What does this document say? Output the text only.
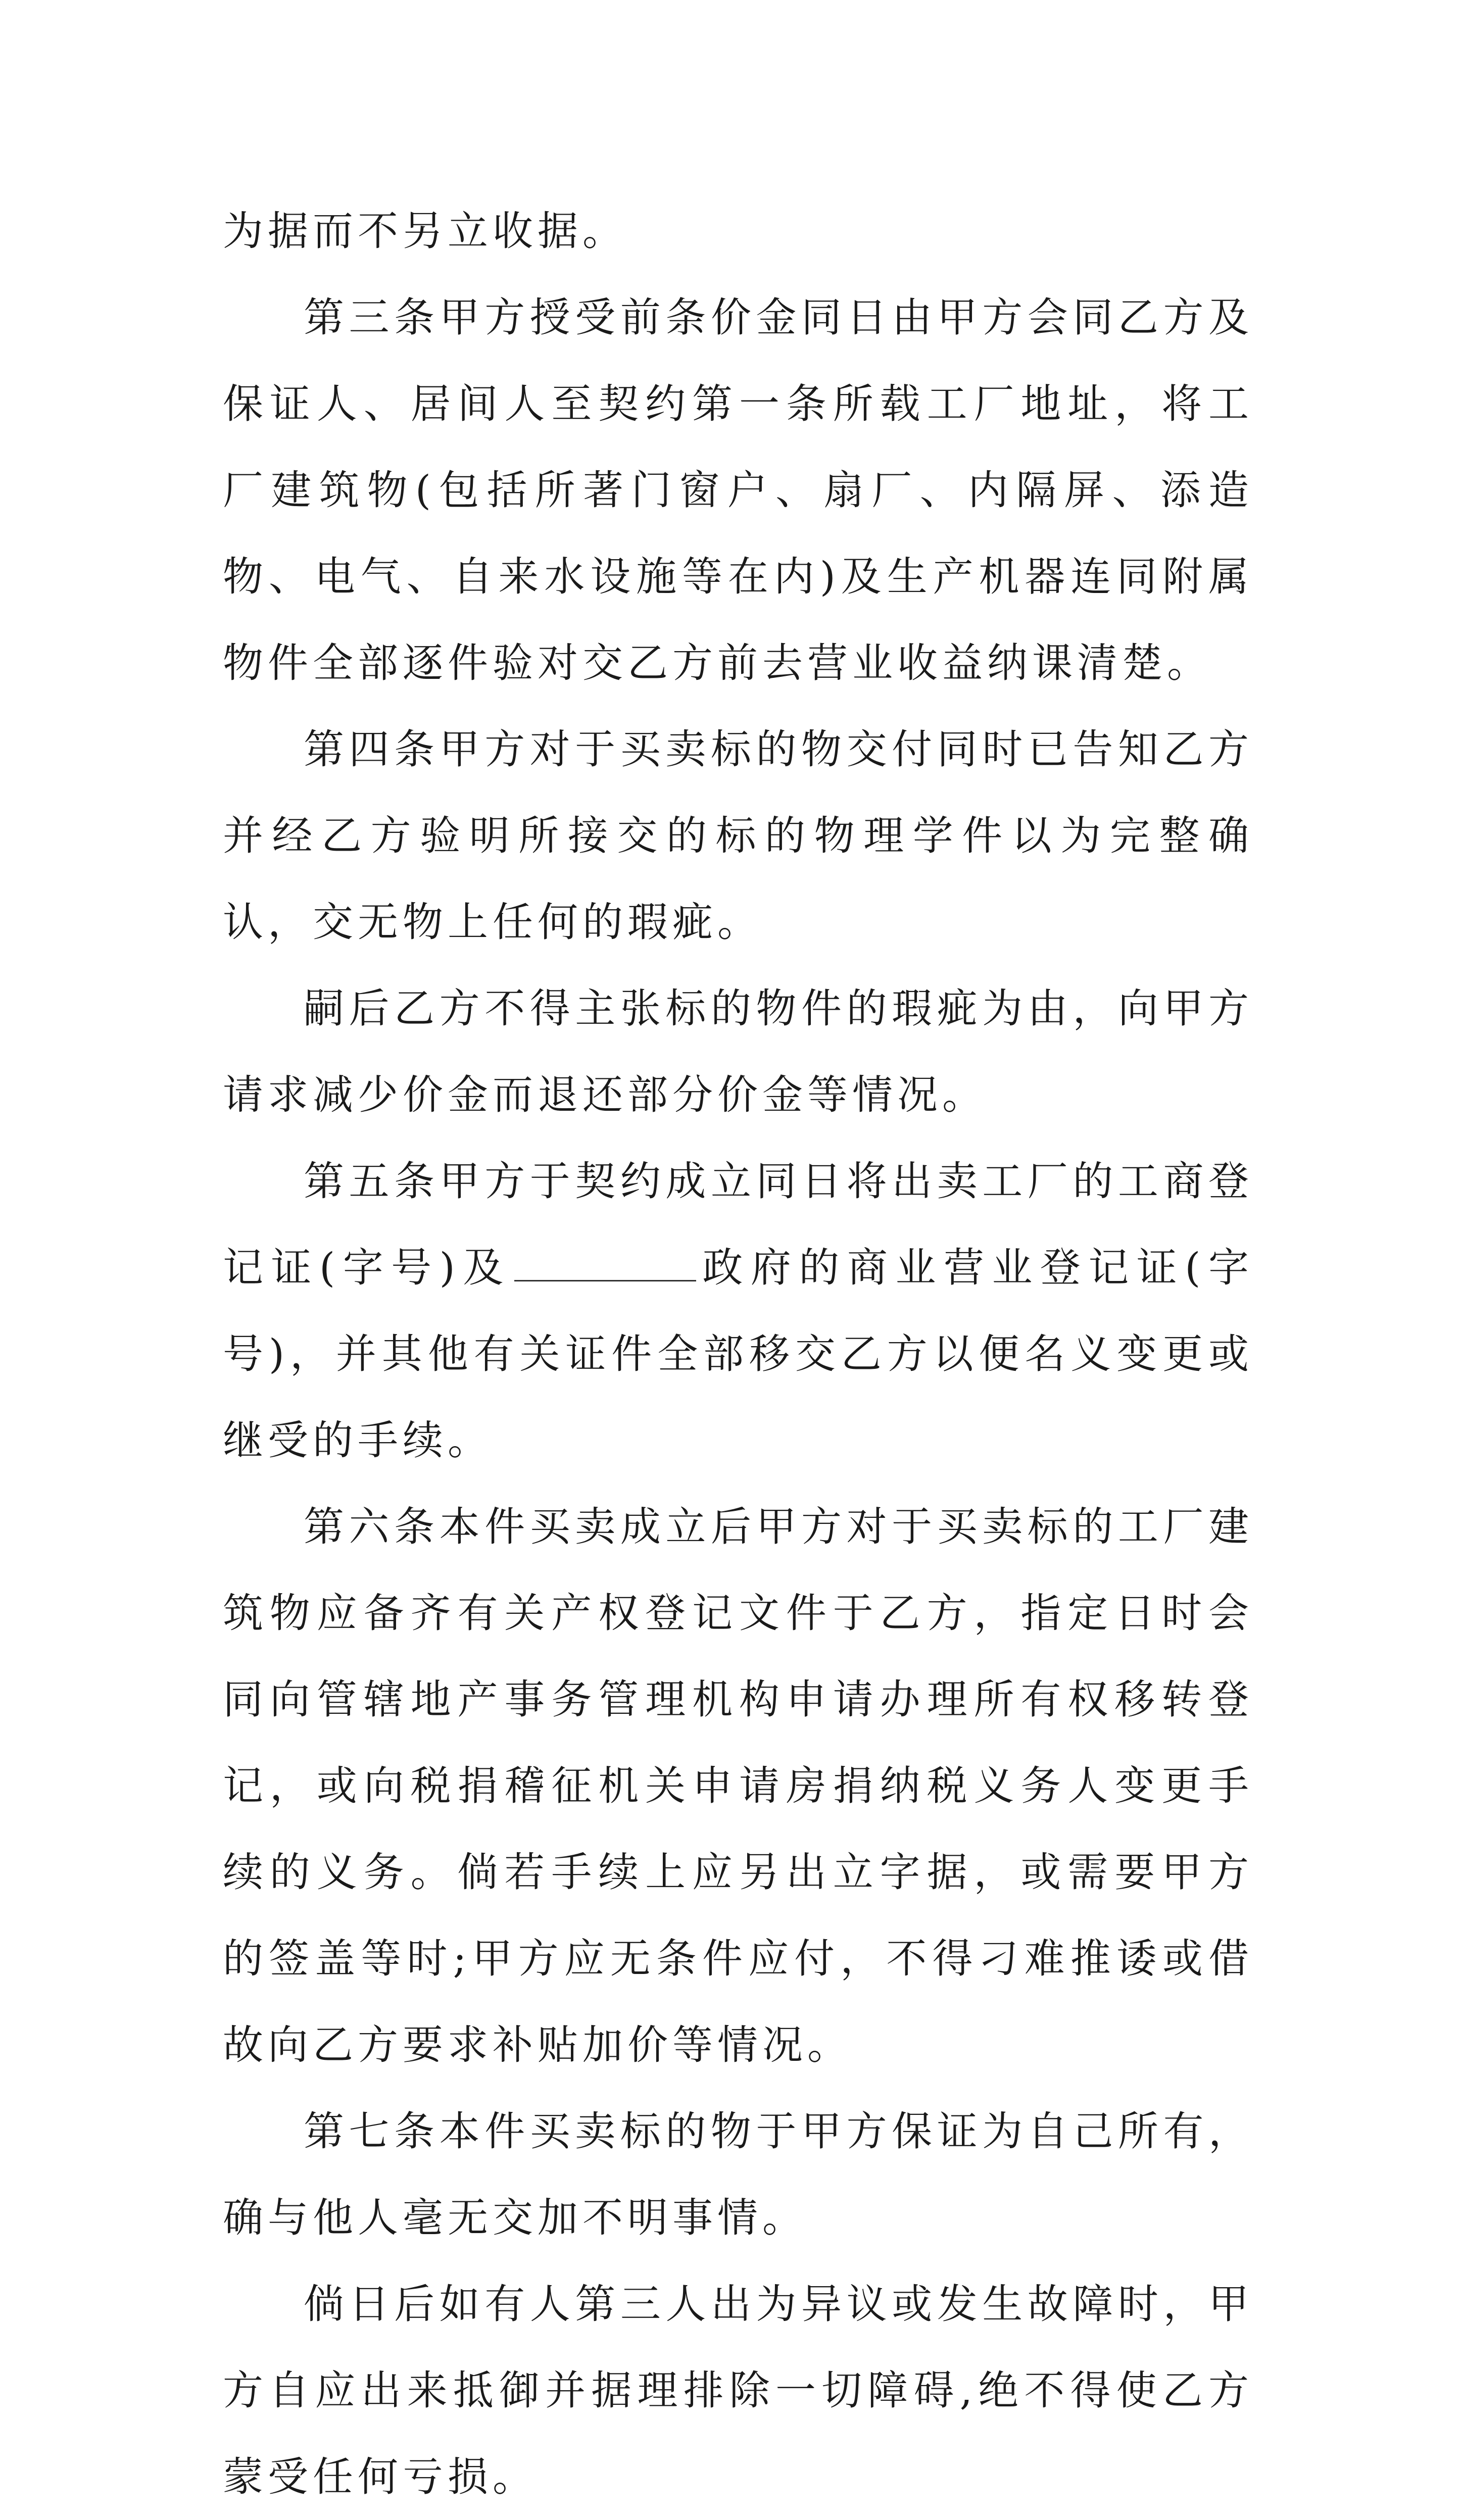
为据而不另立收据。

第三条甲方授受前条价金同日由甲方会同乙方及保证人、居间人至契约第一条所载工厂地址，将工厂建筑物(包括所著门窗户、扇厂、内隔屏、添造物、电气、自来水设施等在内)及生产机器连同附属物件全部逐件验对交乙方前去营业收益纳课清楚。

第四条甲方对于买卖标的物交付同时已告知乙方并经乙方验明所接交的标的物理学件以为完整确认，交无物上任何的瑕疵。

嗣后乙方不得主张标的物件的瑕疵为由，向甲方请求减少价金而退还部分价金等情况。

第五条甲方于契约成立同日将出卖工厂的工商登记证(字号)及	政府的商业营业登记证(字号)，并其他有关证件全部移交乙方以便名义变更或继受的手续。

第六条本件买卖成立后甲方对于买卖标的工厂建筑物应备齐有关产权登记文件于乙方，指定日时会同向管辖地产事务管理机构申请办理所有权移转登记，或向税捐稽征机关申请房捐纳税义务人变更手续的义务。倘若手续上应另出立字据，或需要甲方的签盖等时;甲方应无条件应付，不得刁难推诿或借故向乙方要求补贴加价等情况。

第七条本件买卖标的物于甲方保证为自己所有，确与他人毫无交加不明事情。

倘日后如有人第三人出为异议或发生故障时，甲方自应出来抵御并据理排除一切障碍,绝不得使乙方蒙受任何亏损。
